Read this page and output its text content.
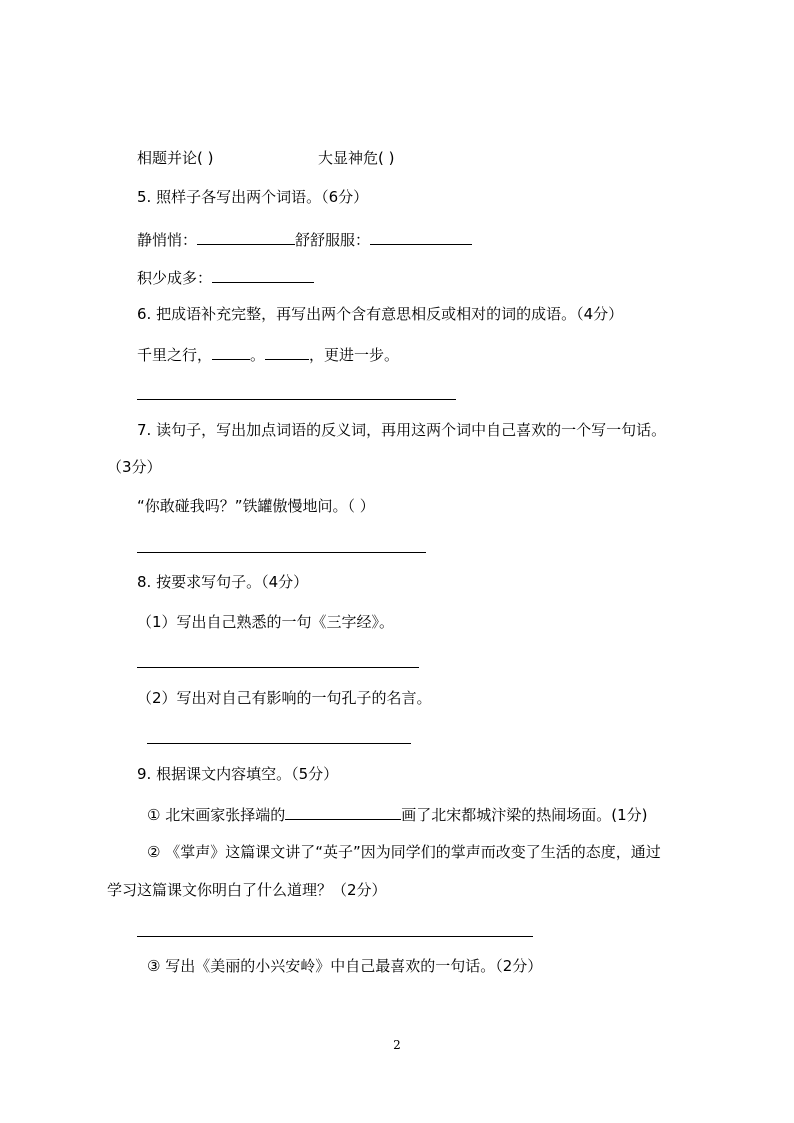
相题并论( )	大显神危( )
5. 照样子各写出两个词语。（6分）
静悄悄：	舒舒服服：
积少成多：
6. 把成语补充完整，再写出两个含有意思相反或相对的词的成语。（4分）
千里之行，	。	，更进一步。
7. 读句子，写出加点词语的反义词，再用这两个词中自己喜欢的一个写一句话。
（3分）
“你敢碰我吗？”铁罐傲慢地问。（ ）
8. 按要求写句子。（4分）
（1）写出自己熟悉的一句《三字经》。
（2）写出对自己有影响的一句孔子的名言。
9. 根据课文内容填空。（5分）
① 北宋画家张择端的	画了北宋都城汴梁的热闹场面。(1分)
② 《掌声》这篇课文讲了“英子”因为同学们的掌声而改变了生活的态度，通过
学习这篇课文你明白了什么道理？（2分）
③ 写出《美丽的小兴安岭》中自己最喜欢的一句话。（2分）
2
